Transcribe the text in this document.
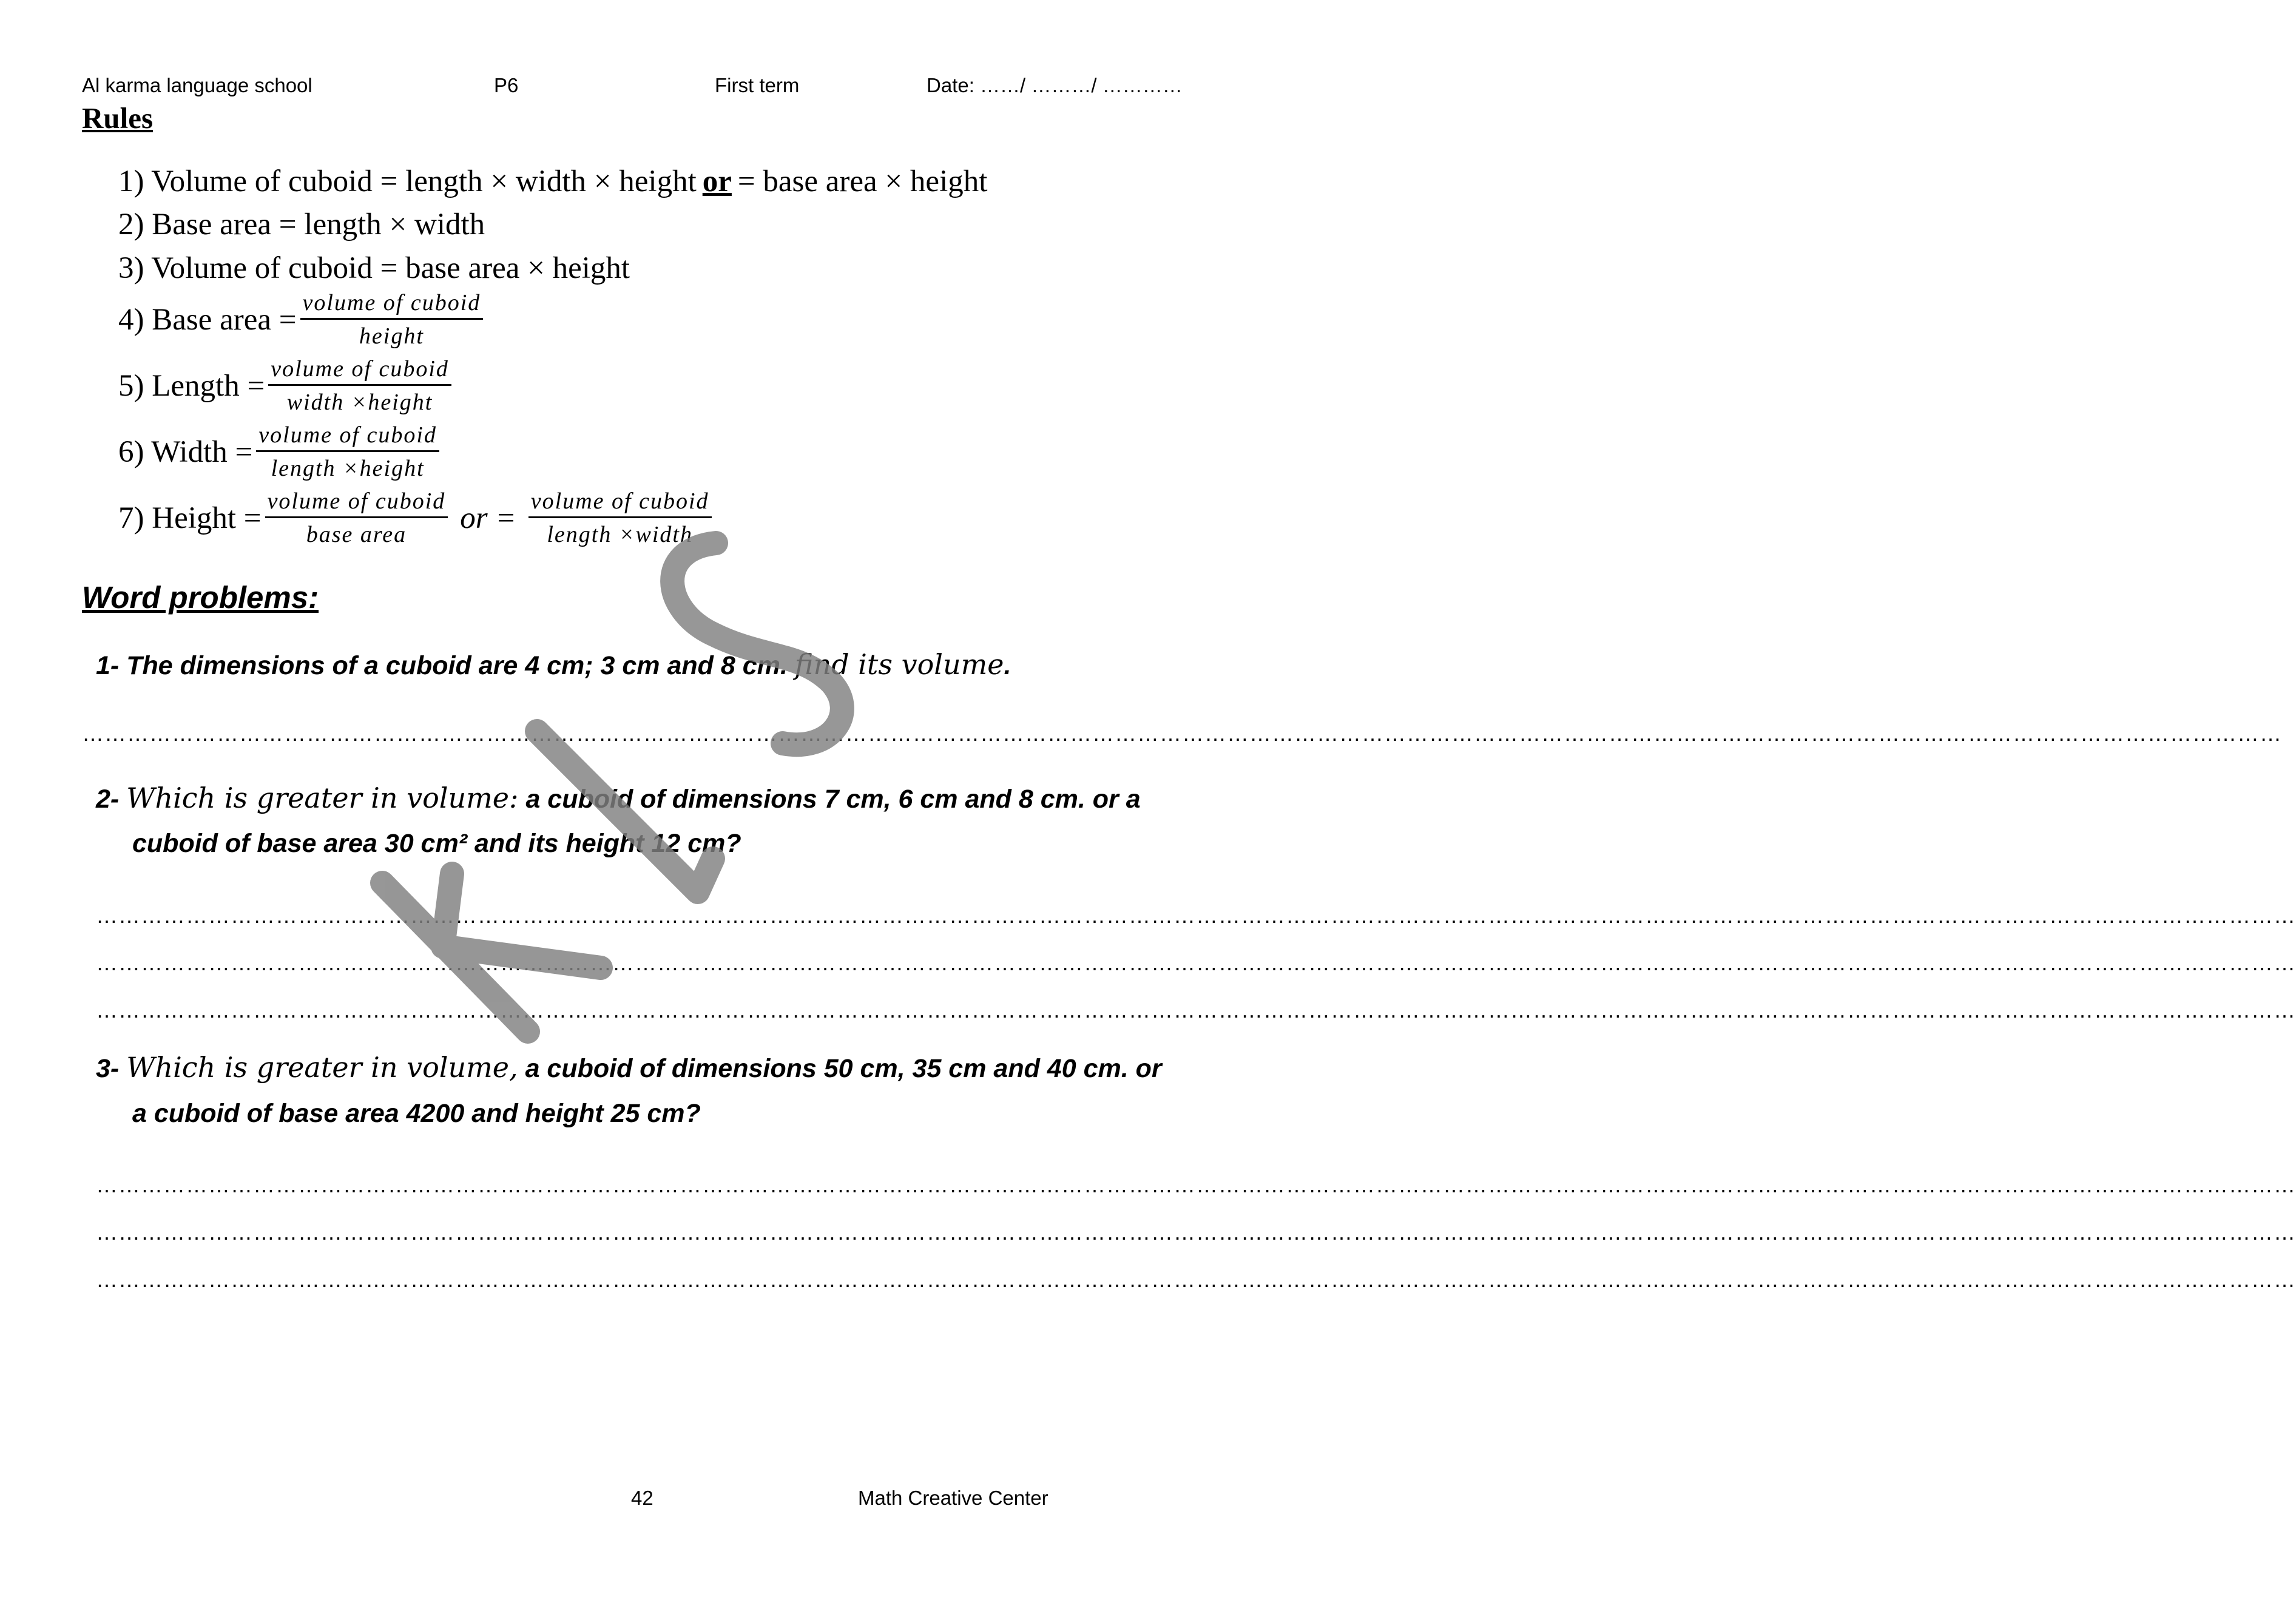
Al karma language school	P6	First term	Date: ……/ ………/ …………
Rules
1) Volume of cuboid = length × width × height or = base area × height
2) Base area = length × width
3) Volume of cuboid = base area × height
4) Base area = $\frac{\text{volume of cuboid}}{\text{height}}$
5) Length = $\frac{\text{volume of cuboid}}{\text{width ×height}}$
6) Width = $\frac{\text{volume of cuboid}}{\text{length ×height}}$
7) Height = $\frac{\text{volume of cuboid}}{\text{base area}}$ or = $\frac{\text{volume of cuboid}}{\text{length ×width}}$
Word problems:
1- The dimensions of a cuboid are 4 cm; 3 cm and 8 cm. find its volume.
……………………………………………………………………………………………………………………………………………………………………………………………………………………………………………………………………
2- Which is greater in volume: a cuboid of dimensions 7 cm, 6 cm and 8 cm. or a
cuboid of base area 30 cm² and its height 12 cm?
……………………………………………………………………………………………………………………………………………………………………………………………………………………………………………………………………
……………………………………………………………………………………………………………………………………………………………………………………………………………………………………………………………………
……………………………………………………………………………………………………………………………………………………………………………………………………………………………………………………………………
3- Which is greater in volume, a cuboid of dimensions 50 cm, 35 cm and 40 cm. or
a cuboid of base area 4200 and height 25 cm?
……………………………………………………………………………………………………………………………………………………………………………………………………………………………………………………………………
……………………………………………………………………………………………………………………………………………………………………………………………………………………………………………………………………
……………………………………………………………………………………………………………………………………………………………………………………………………………………………………………………………………
KLS
42	Math Creative Center
